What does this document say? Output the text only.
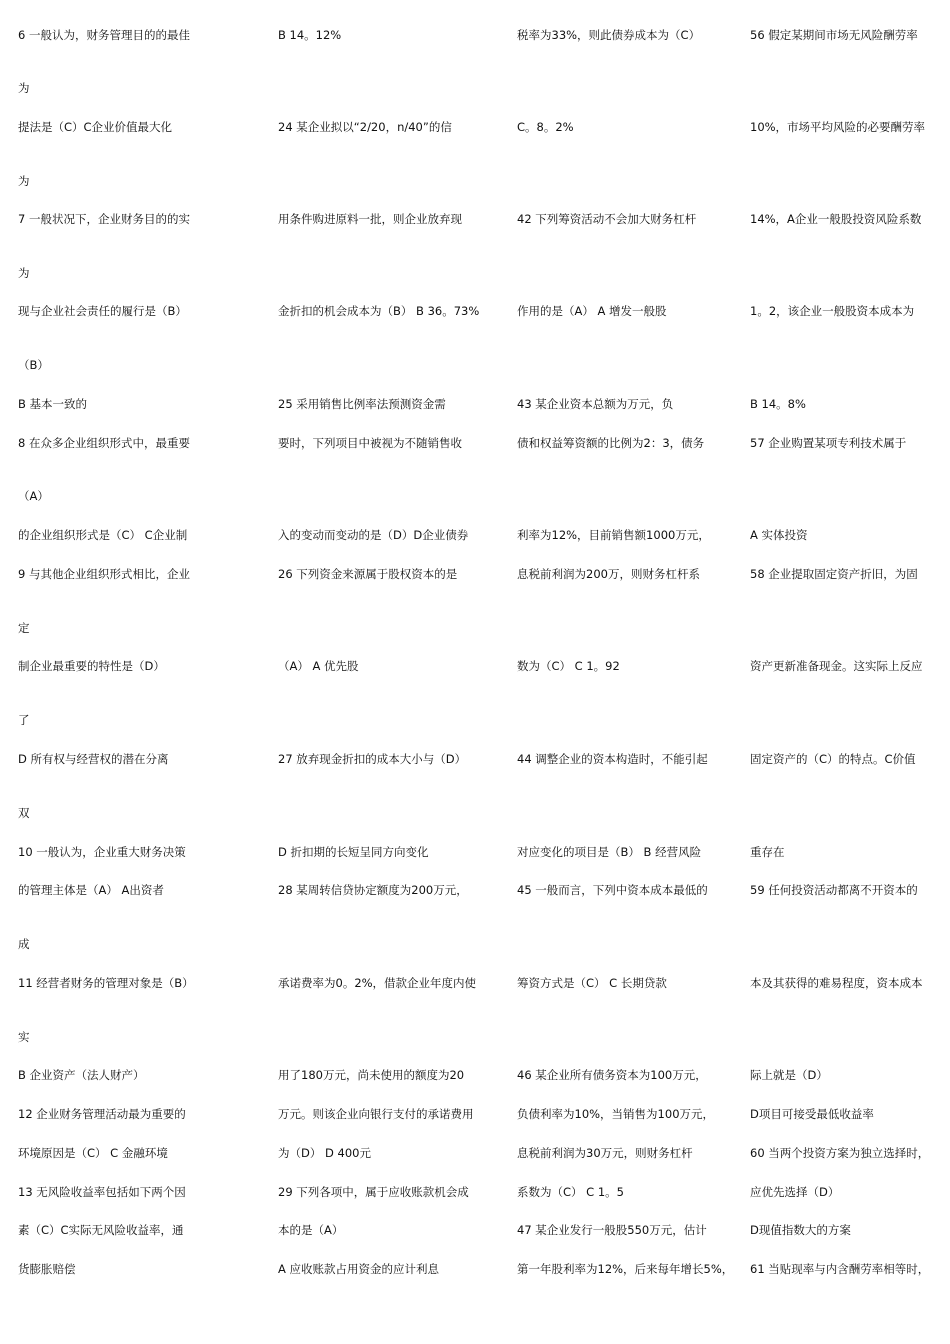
6 一般认为，财务管理目的的最佳
为
提法是（C）C企业价值最大化
为
7 一般状况下，企业财务目的的实
为
现与企业社会责任的履行是（B）
（B）
B 基本一致的
8 在众多企业组织形式中，最重要
（A）
的企业组织形式是（C） C企业制
9 与其他企业组织形式相比，企业
定
制企业最重要的特性是（D）
了
D 所有权与经营权的潜在分离
双
10 一般认为，企业重大财务决策
的管理主体是（A） A出资者
成
11 经营者财务的管理对象是（B）
实
B 企业资产（法人财产）
12 企业财务管理活动最为重要的
环境原因是（C） C 金融环境
13 无风险收益率包括如下两个因
素（C）C实际无风险收益率，通
货膨胀赔偿
B 14。12%
24 某企业拟以“2/20，n/40”的信
用条件购进原料一批，则企业放弃现
金折扣的机会成本为（B） B 36。73%
25 采用销售比例率法预测资金需
要时，下列项目中被视为不随销售收
入的变动而变动的是（D）D企业债券
26 下列资金来源属于股权资本的是
（A） A 优先股
27 放弃现金折扣的成本大小与（D）
D 折扣期的长短呈同方向变化
28 某周转信贷协定额度为200万元，
承诺费率为0。2%，借款企业年度内使
用了180万元，尚未使用的额度为20
万元。则该企业向银行支付的承诺费用
为（D） D 400元
29 下列各项中，属于应收账款机会成
本的是（A）
A 应收账款占用资金的应计利息
税率为33%，则此债券成本为（C）
C。8。2%
42 下列筹资活动不会加大财务杠杆
作用的是（A） A 增发一般股
43 某企业资本总额为万元，负
债和权益筹资额的比例为2：3，债务
利率为12%，目前销售额1000万元，
息税前利润为200万，则财务杠杆系
数为（C） C 1。92
44 调整企业的资本构造时，不能引起
对应变化的项目是（B） B 经营风险
45 一般而言，下列中资本成本最低的
筹资方式是（C） C 长期贷款
46 某企业所有债务资本为100万元，
负债利率为10%，当销售为100万元，
息税前利润为30万元，则财务杠杆
系数为（C） C 1。5
47 某企业发行一般股550万元，估计
第一年股利率为12%，后来每年增长5%，
56 假定某期间市场无风险酬劳率
10%，市场平均风险的必要酬劳率
14%，A企业一般股投资风险系数
1。2，该企业一般股资本成本为
B 14。8%
57 企业购置某项专利技术属于
A 实体投资
58 企业提取固定资产折旧，为固
资产更新准备现金。这实际上反应
固定资产的（C）的特点。C价值
重存在
59 任何投资活动都离不开资本的
本及其获得的难易程度，资本成本
际上就是（D）
D项目可接受最低收益率
60 当两个投资方案为独立选择时，
应优先选择（D）
D现值指数大的方案
61 当贴现率与内含酬劳率相等时，
